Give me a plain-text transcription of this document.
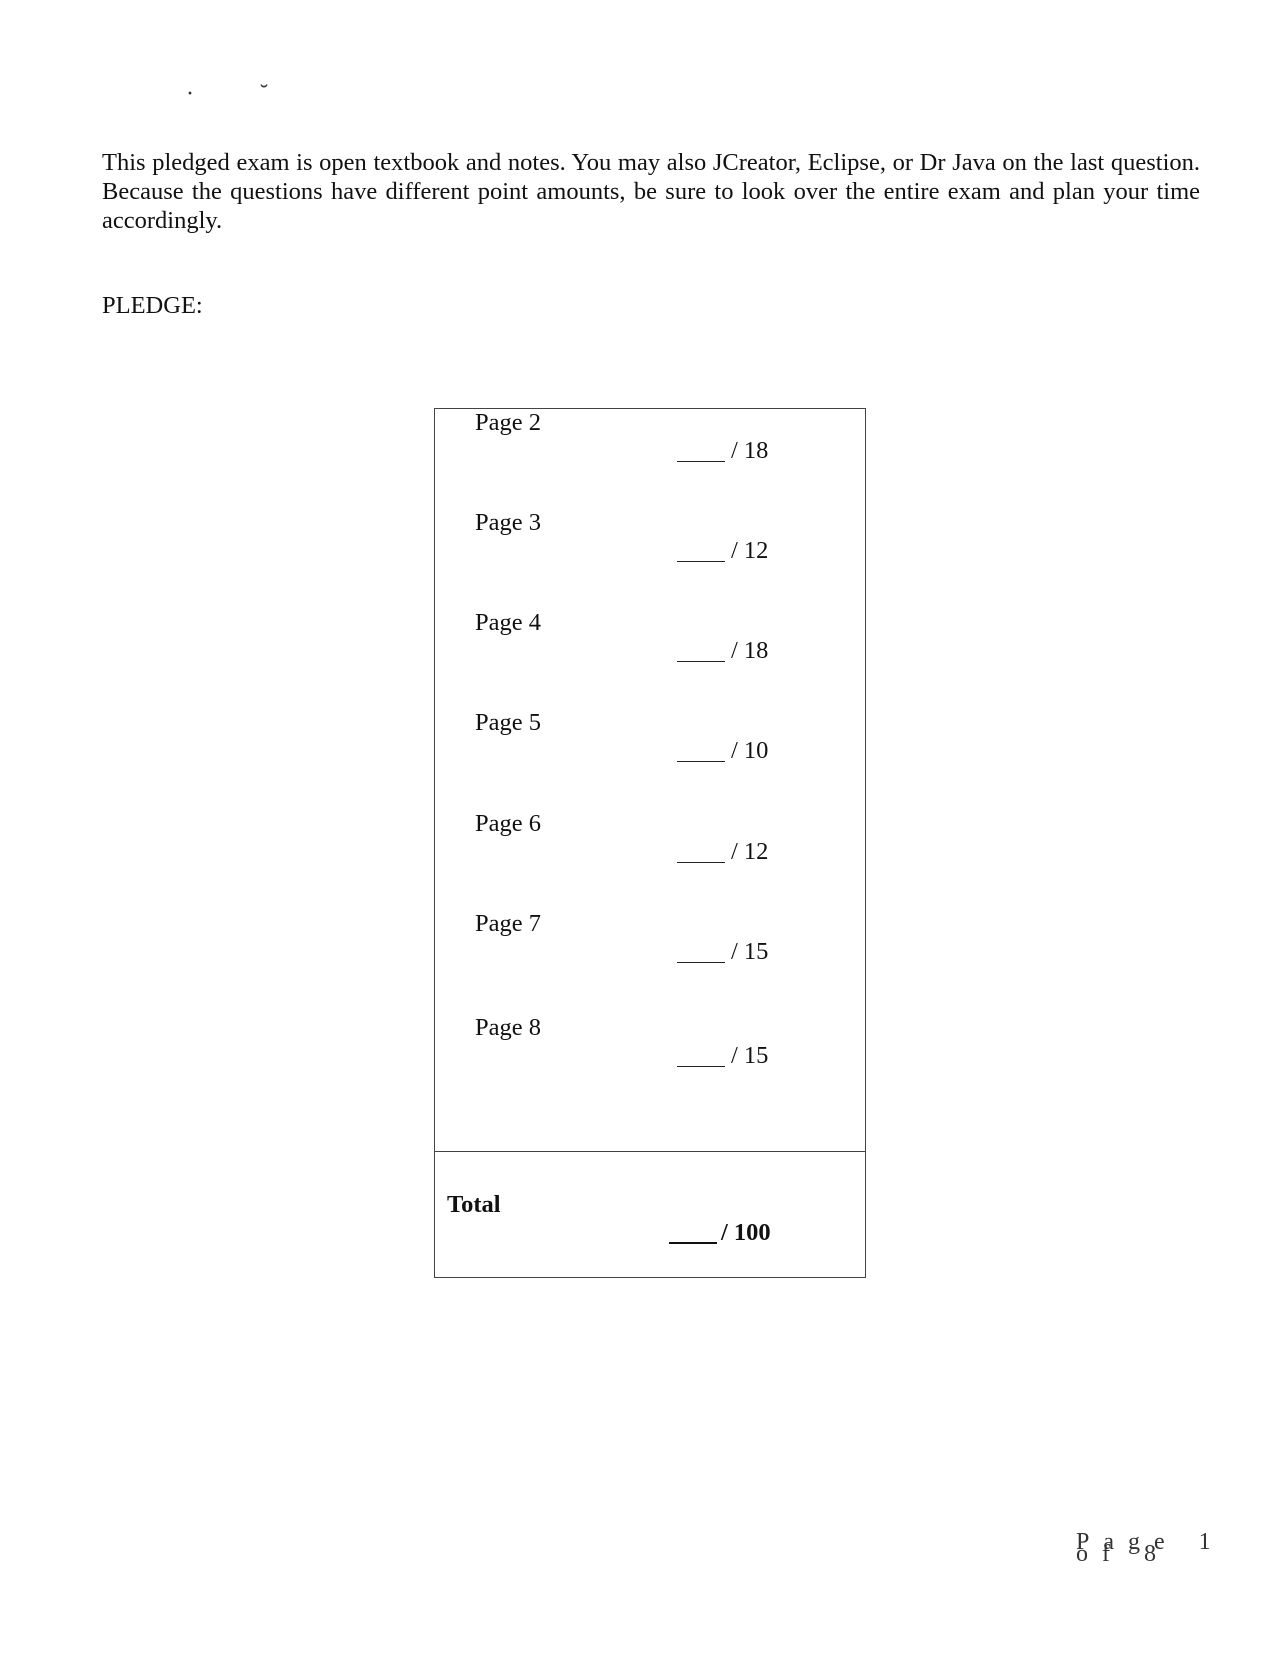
· ˘

This pledged exam is open textbook and notes. You may also JCreator, Eclipse, or Dr Java on the last question. Because the questions have different point amounts, be sure to look over the entire exam and plan your time accordingly.

PLEDGE:

Page 2
/ 18
Page 3
/ 12
Page 4
/ 18
Page 5
/ 10
Page 6
/ 12
Page 7
/ 15
Page 8
/ 15
Total
/ 100
Page 1 of 8
